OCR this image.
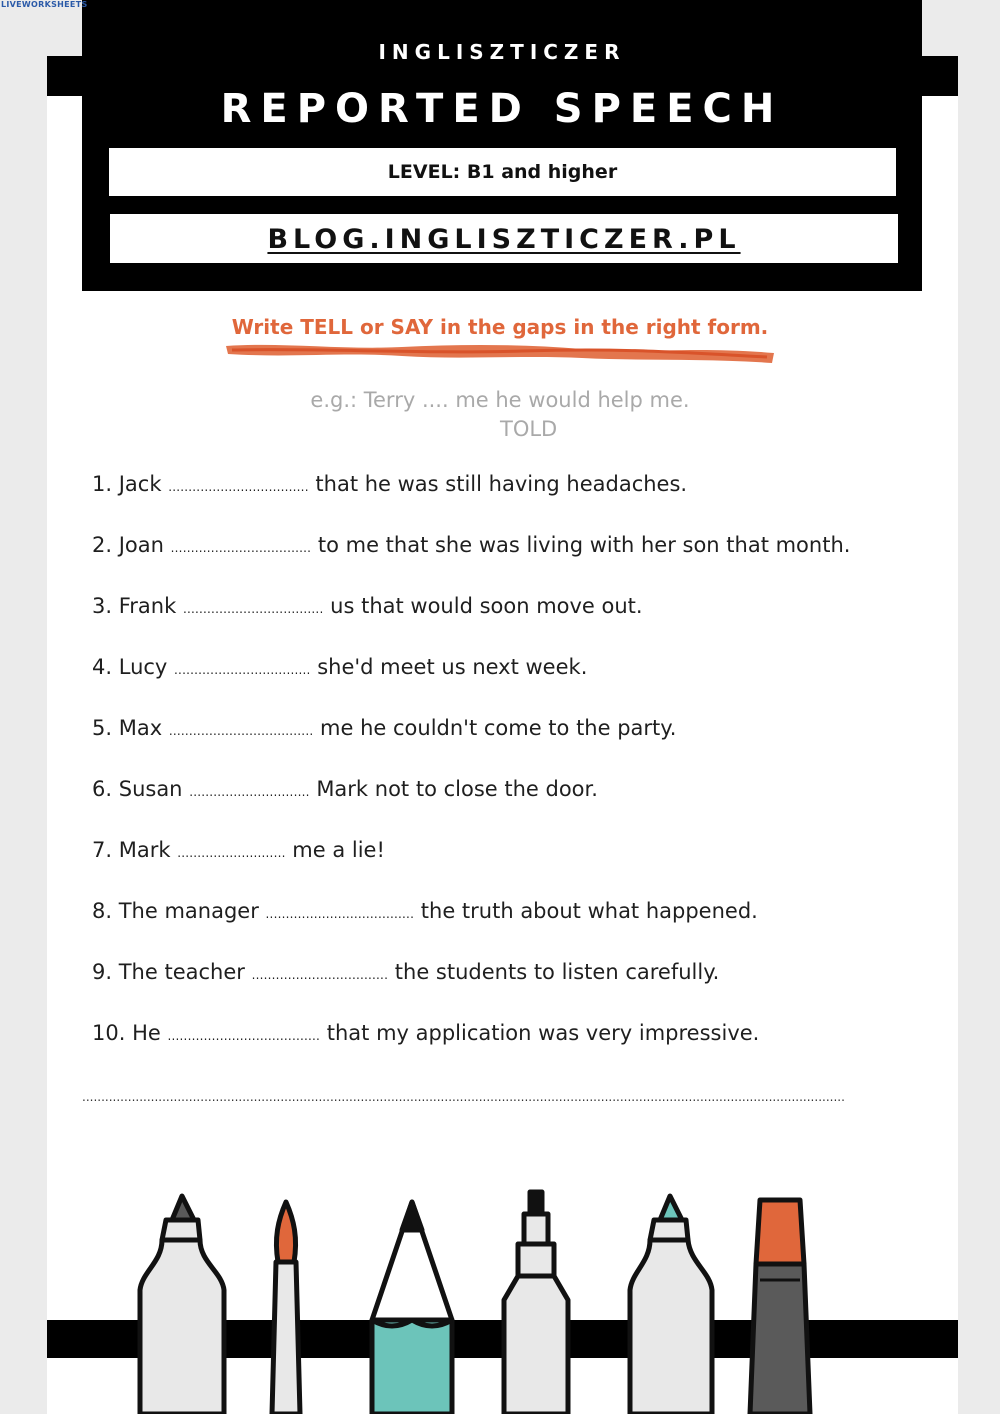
INGLISZTICZER
REPORTED SPEECH
LEVEL: B1 and higher
BLOG.INGLISZTICZER.PL
LIVEWORKSHEETS
Write TELL or SAY in the gaps in the right form.
e.g.: Terry .... me he would help me.
TOLD
1. Jack ................................... that he was still having headaches.
2. Joan ................................... to me that she was living with her son that month.
3. Frank ................................... us that would soon move out.
4. Lucy .................................. she'd meet us next week.
5. Max .................................... me he couldn't come to the party.
6. Susan .............................. Mark not to close the door.
7. Mark ........................... me a lie!
8. The manager ..................................... the truth about what happened.
9. The teacher .................................. the students to listen carefully.
10. He ...................................... that my application was very impressive.
........................................................................................................................................................................................................
